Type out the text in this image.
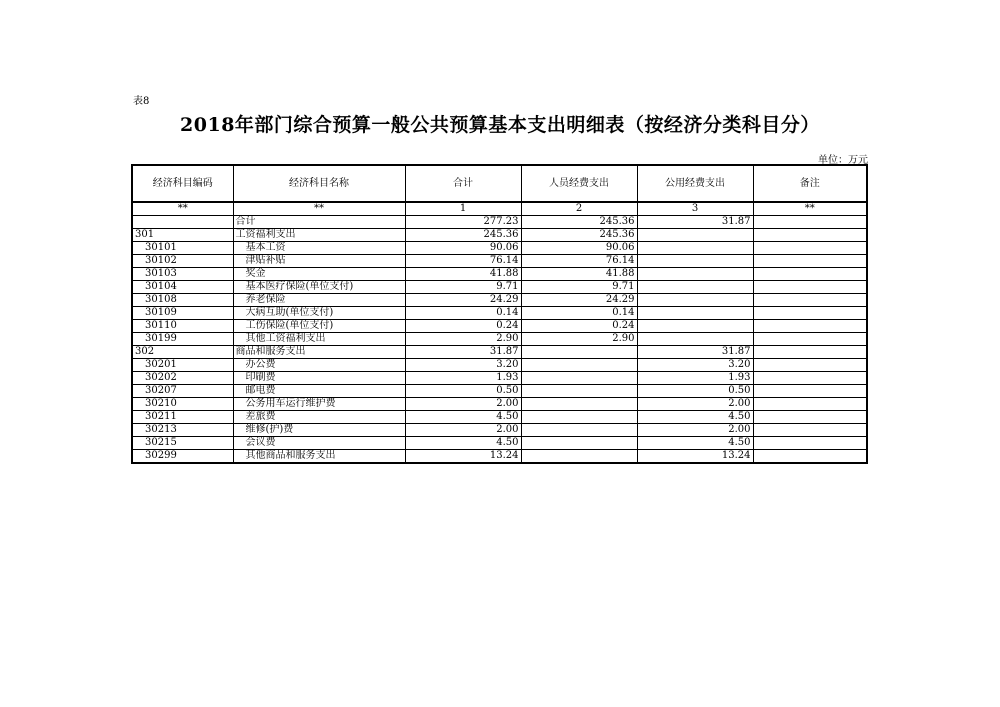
表8
2018年部门综合预算一般公共预算基本支出明细表（按经济分类科目分）
单位：万元
经济科目编码	经济科目名称	合计	人员经费支出	公用经费支出	备注
**	**	1	2	3	**
	合计	277.23	245.36	31.87	
301	工资福利支出	245.36	245.36		
30101	基本工资	90.06	90.06		
30102	津贴补贴	76.14	76.14		
30103	奖金	41.88	41.88		
30104	基本医疗保险(单位支付)	9.71	9.71		
30108	养老保险	24.29	24.29		
30109	大病互助(单位支付)	0.14	0.14		
30110	工伤保险(单位支付)	0.24	0.24		
30199	其他工资福利支出	2.90	2.90		
302	商品和服务支出	31.87		31.87	
30201	办公费	3.20		3.20	
30202	印刷费	1.93		1.93	
30207	邮电费	0.50		0.50	
30210	公务用车运行维护费	2.00		2.00	
30211	差旅费	4.50		4.50	
30213	维修(护)费	2.00		2.00	
30215	会议费	4.50		4.50	
30299	其他商品和服务支出	13.24		13.24	
